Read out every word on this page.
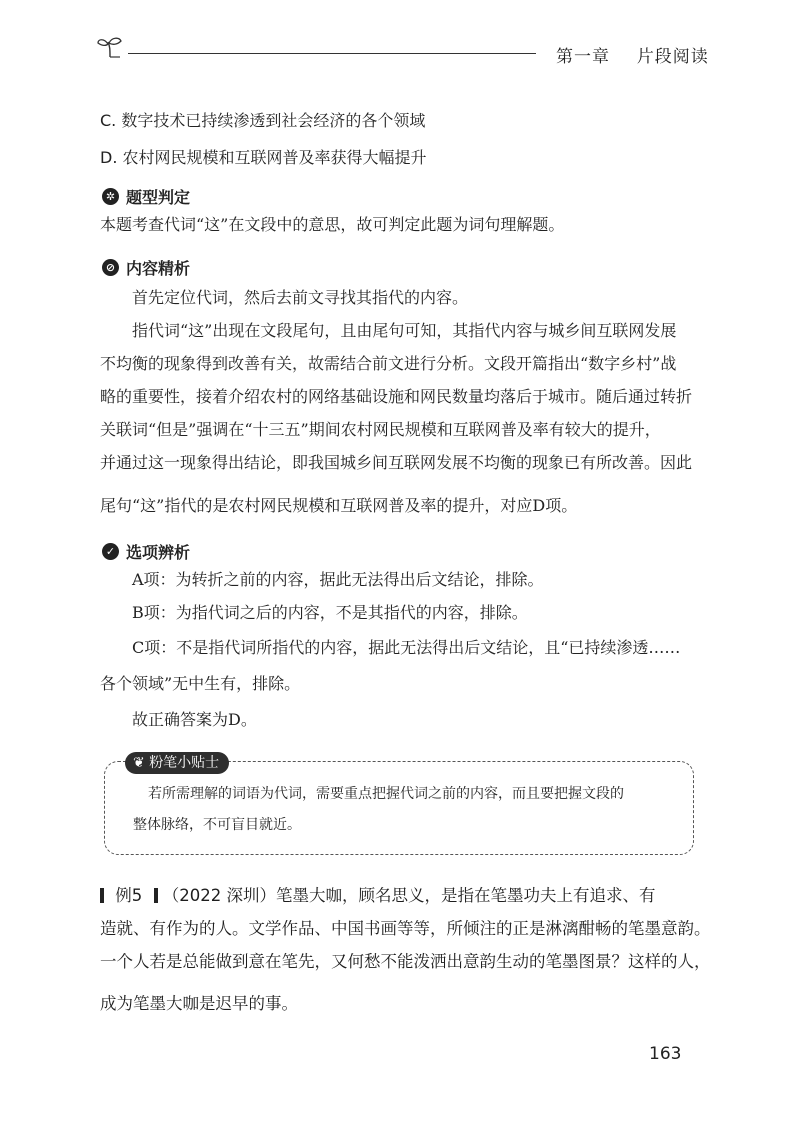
第一章 片段阅读
C. 数字技术已持续渗透到社会经济的各个领域
D. 农村网民规模和互联网普及率获得大幅提升
✲ 题型判定
本题考查代词“这”在文段中的意思，故可判定此题为词句理解题。
⊘ 内容精析
首先定位代词，然后去前文寻找其指代的内容。
指代词“这”出现在文段尾句，且由尾句可知，其指代内容与城乡间互联网发展
不均衡的现象得到改善有关，故需结合前文进行分析。文段开篇指出“数字乡村”战
略的重要性，接着介绍农村的网络基础设施和网民数量均落后于城市。随后通过转折
关联词“但是”强调在“十三五”期间农村网民规模和互联网普及率有较大的提升，
并通过这一现象得出结论，即我国城乡间互联网发展不均衡的现象已有所改善。因此
尾句“这”指代的是农村网民规模和互联网普及率的提升，对应D项。
✓ 选项辨析
A项：为转折之前的内容，据此无法得出后文结论，排除。
B项：为指代词之后的内容，不是其指代的内容，排除。
C项：不是指代词所指代的内容，据此无法得出后文结论，且“已持续渗透……
各个领域”无中生有，排除。
故正确答案为D。
❦ 粉笔小贴士
若所需理解的词语为代词，需要重点把握代词之前的内容，而且要把握文段的
整体脉络，不可盲目就近。
例5 （2022 深圳）笔墨大咖，顾名思义，是指在笔墨功夫上有追求、有
造就、有作为的人。文学作品、中国书画等等，所倾注的正是淋漓酣畅的笔墨意韵。
一个人若是总能做到意在笔先，又何愁不能泼洒出意韵生动的笔墨图景？这样的人，
成为笔墨大咖是迟早的事。
163
